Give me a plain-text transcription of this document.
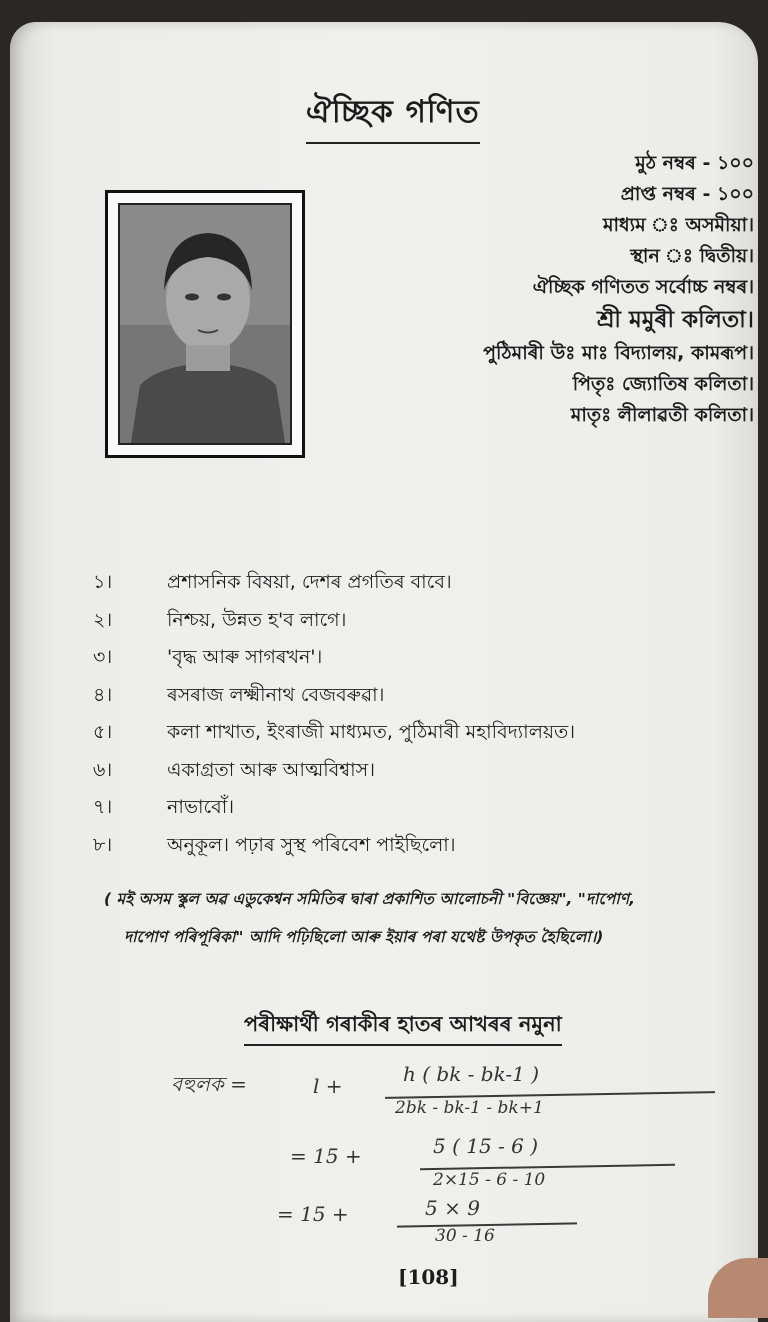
ঐচ্ছিক গণিত
মুঠ নম্বৰ - ১০০
প্ৰাপ্ত নম্বৰ - ১০০
মাধ্যম ঃ অসমীয়া।
স্থান ঃ দ্বিতীয়।
ঐচ্ছিক গণিতত সৰ্বোচ্চ নম্বৰ।
শ্ৰী মমুৰী কলিতা।
পুঠিমাৰী উঃ মাঃ বিদ্যালয়, কামৰূপ।
পিতৃঃ জ্যোতিষ কলিতা।
মাতৃঃ লীলাৱতী কলিতা।
১।	প্ৰশাসনিক বিষয়া, দেশৰ প্ৰগতিৰ বাবে।
২।	নিশ্চয়, উন্নত হ'ব লাগে।
৩।	'বৃদ্ধ আৰু সাগৰখন'।
৪।	ৰসৰাজ লক্ষ্মীনাথ বেজবৰুৱা।
৫।	কলা শাখাত, ইংৰাজী মাধ্যমত, পুঠিমাৰী মহাবিদ্যালয়ত।
৬।	একাগ্ৰতা আৰু আত্মবিশ্বাস।
৭।	নাভাবোঁ।
৮।	অনুকূল। পঢ়াৰ সুস্থ পৰিবেশ পাইছিলো।
( মই অসম স্কুল অৱ এডুকেশ্বন সমিতিৰ দ্বাৰা প্ৰকাশিত আলোচনী "বিজ্ঞেয়", "দাপোণ,
দাপোণ পৰিপূৰিকা" আদি পঢ়িছিলো আৰু ইয়াৰ পৰা যথেষ্ট উপকৃত হৈছিলো।)
পৰীক্ষাৰ্থী গৰাকীৰ হাতৰ আখৰৰ নমুনা
বহুলক =	l +	h ( bk - bk-1 )
2bk - bk-1 - bk+1
= 15 +	5 ( 15 - 6 )
2×15 - 6 - 10
= 15 +	5 × 9
30 - 16
[108]
